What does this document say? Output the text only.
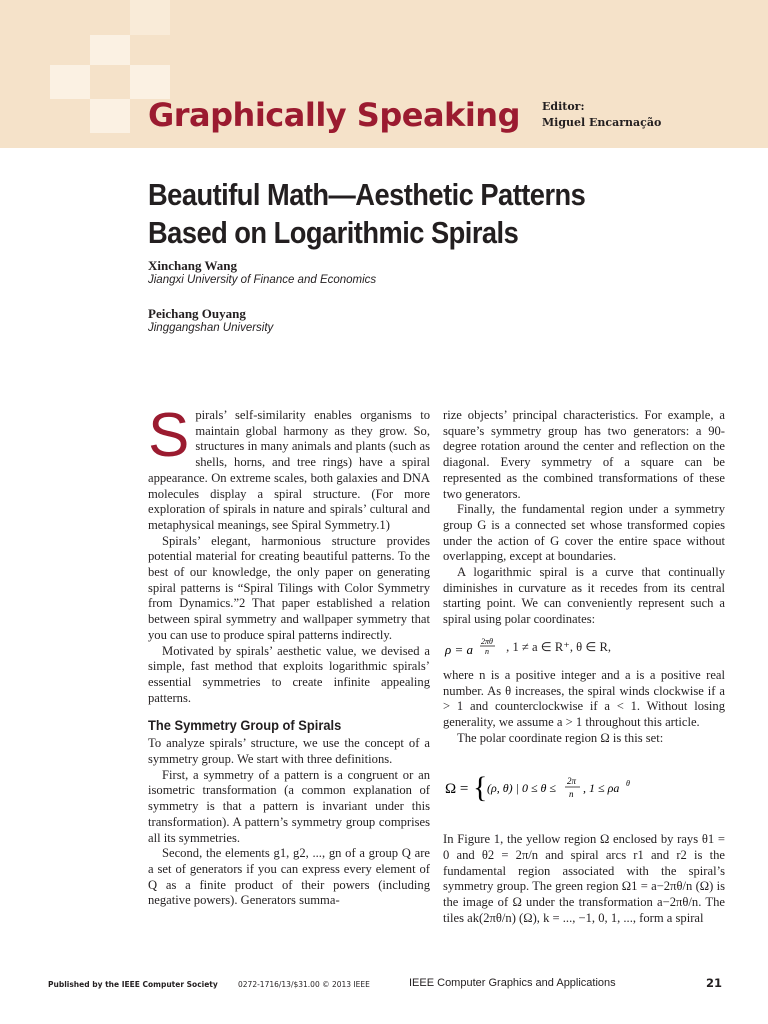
Graphically Speaking Editor:
Miguel Encarnação
Beautiful Math—Aesthetic Patterns Based on Logarithmic Spirals
Xinchang Wang
Jiangxi University of Finance and Economics
Peichang Ouyang
Jinggangshan University
S pirals’ self-similarity enables organisms to maintain global harmony as they grow. So, structures in many animals and plants (such as shells, horns, and tree rings) have a spiral appearance. On extreme scales, both galaxies and DNA molecules display a spiral structure. (For more exploration of spirals in nature and spirals’ cultural and metaphysical meanings, see Spiral Symmetry.1)

Spirals’ elegant, harmonious structure provides potential material for creating beautiful patterns. To the best of our knowledge, the only paper on generating spiral patterns is “Spiral Tilings with Color Symmetry from Dynamics.”2 That paper established a relation between spiral symmetry and wallpaper symmetry that you can use to produce spiral patterns indirectly.

Motivated by spirals’ aesthetic value, we devised a simple, fast method that exploits logarithmic spirals’ essential symmetries to create infinite appealing patterns.

The Symmetry Group of Spirals

To analyze spirals’ structure, we use the concept of a symmetry group. We start with three definitions.

First, a symmetry of a pattern is a congruent or an isometric transformation (a common explanation of symmetry is that a pattern is invariant under this transformation). A pattern’s symmetry group comprises all its symmetries.

Second, the elements g1, g2, ..., gn of a group Q are a set of generators if you can express every element of Q as a finite product of their powers (including negative powers). Generators summa-

rize objects’ principal characteristics. For example, a square’s symmetry group has two generators: a 90-degree rotation around the center and reflection on the diagonal. Every symmetry of a square can be represented as the combined transformations of these two generators.

Finally, the fundamental region under a symmetry group G is a connected set whose transformed copies under the action of G cover the entire space without overlapping, except at boundaries.

A logarithmic spiral is a curve that continually diminishes in curvature as it recedes from its central starting point. We can conveniently represent such a spiral using polar coordinates:

ρ = a
2πθ
n , 1 ≠ a ∈ R⁺, θ ∈ R,

where n is a positive integer and a is a positive real number. As θ increases, the spiral winds clockwise if a > 1 and counterclockwise if a < 1. Without losing generality, we assume a > 1 throughout this article.

The polar coordinate region Ω is this set:

Ω = { (ρ, θ) | 0 ≤ θ ≤ 2π
n , 1 ≤ ρa θ

In Figure 1, the yellow region Ω enclosed by rays θ1 = 0 and θ2 = 2π/n and spiral arcs r1 and r2 is the fundamental region associated with the spiral’s symmetry group. The green region Ω1 = a−2πθ/n (Ω) is the image of Ω under the transformation a−2πθ/n. The tiles ak(2πθ/n) (Ω), k = ..., −1, 0, 1, ..., form a spiral

Published by the IEEE Computer Society	0272-1716/13/$31.00 © 2013 IEEE	IEEE Computer Graphics and Applications	21
